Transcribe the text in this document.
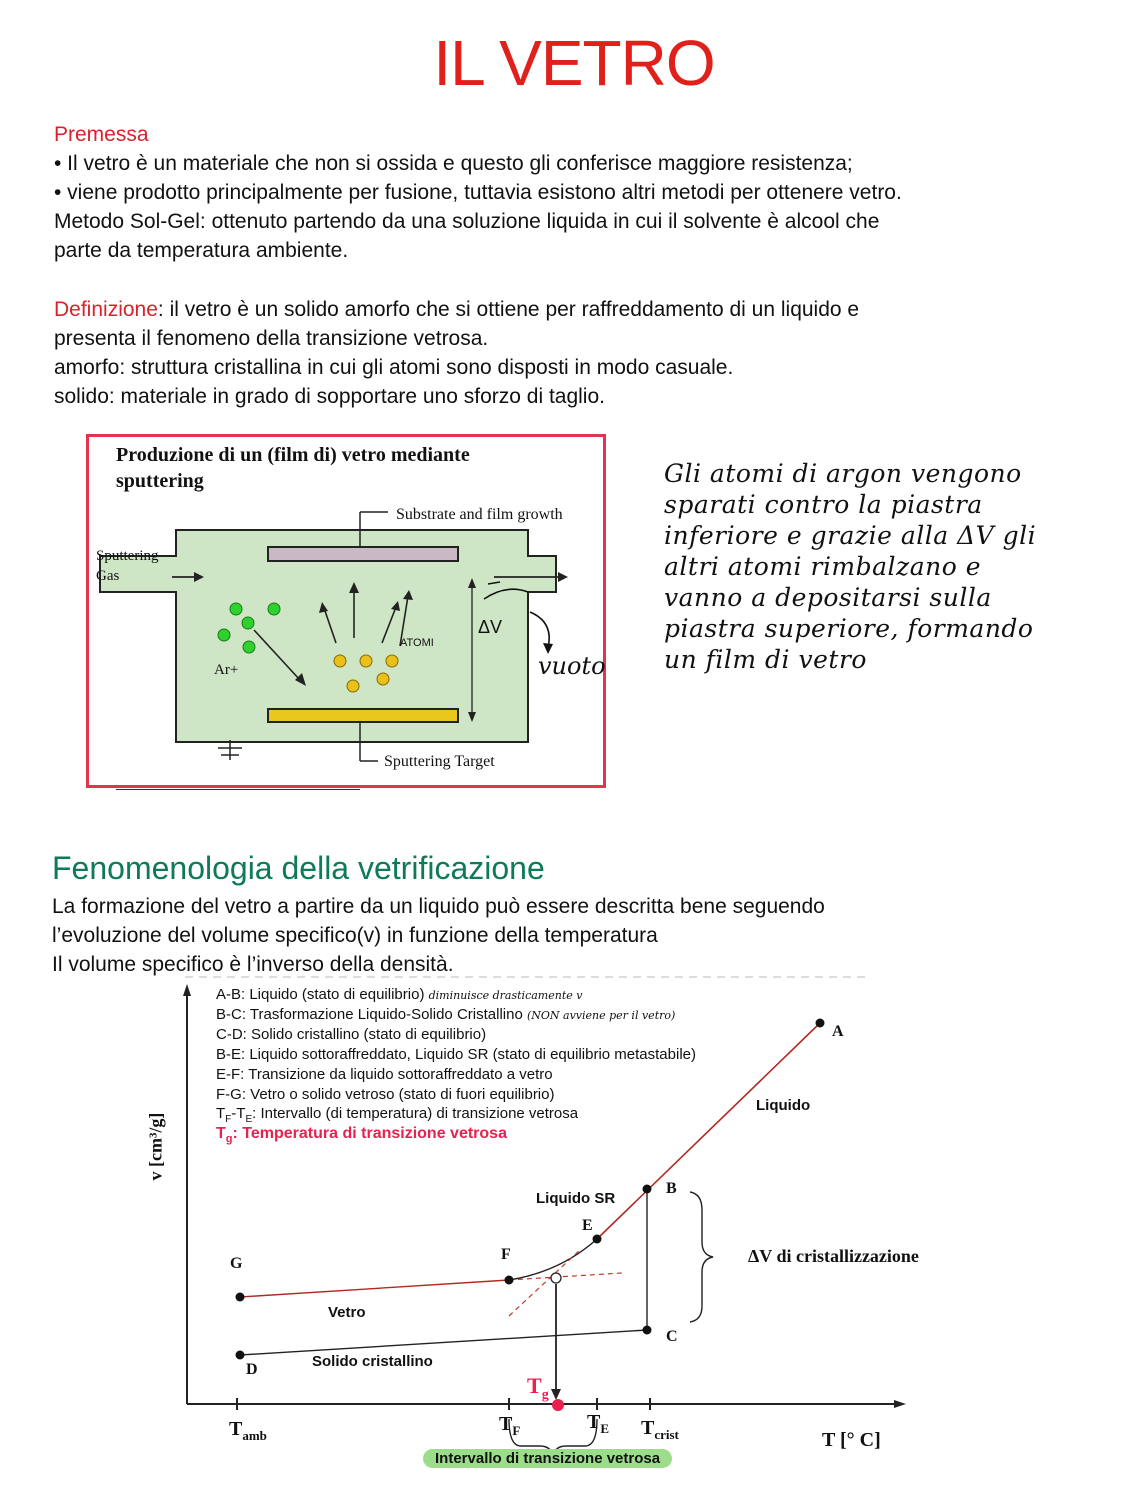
IL VETRO
Premessa
• Il vetro è un materiale che non si ossida e questo gli conferisce maggiore resistenza;
• viene prodotto principalmente per fusione, tuttavia esistono altri metodi per ottenere vetro.
Metodo Sol-Gel: ottenuto partendo da una soluzione liquida in cui il solvente è alcool che
parte da temperatura ambiente.
Definizione: il vetro è un solido amorfo che si ottiene per raffreddamento di un liquido e
presenta il fenomeno della transizione vetrosa.
amorfo: struttura cristallina in cui gli atomi sono disposti in modo casuale.
solido: materiale in grado di sopportare uno sforzo di taglio.
Produzione di un (film di) vetro mediante
sputtering
Substrate and film growth
Sputtering
Gas
Ar+
ATOMI
ΔV
Sputtering Target
vuoto
Gli atomi di argon vengono
sparati contro la piastra
inferiore e grazie alla ΔV gli
altri atomi rimbalzano e
vanno a depositarsi sulla
piastra superiore, formando
un film di vetro
Fenomenologia della vetrificazione
La formazione del vetro a partire da un liquido può essere descritta bene seguendo
l’evoluzione del volume specifico(v) in funzione della temperatura
Il volume specifico è l’inverso della densità.
v [cm³/g]
A-B: Liquido (stato di equilibrio) diminuisce drasticamente v
B-C: Trasformazione Liquido-Solido Cristallino (NON avviene per il vetro)
C-D: Solido cristallino (stato di equilibrio)
B-E: Liquido sottoraffreddato, Liquido SR (stato di equilibrio metastabile)
E-F: Transizione da liquido sottoraffreddato a vetro
F-G: Vetro o solido vetroso (stato di fuori equilibrio)
$T_F-T_E$: Intervallo (di temperatura) di transizione vetrosa
$T_g$: Temperatura di transizione vetrosa
A
B
C
D
E
F
G
Liquido
Liquido SR
Vetro
Solido cristallino
ΔV di cristallizzazione
$T_g$
$T_{amb}$
$T_F$	$T_E$ $T_{crist}$	T [° C]
Intervallo di transizione vetrosa
